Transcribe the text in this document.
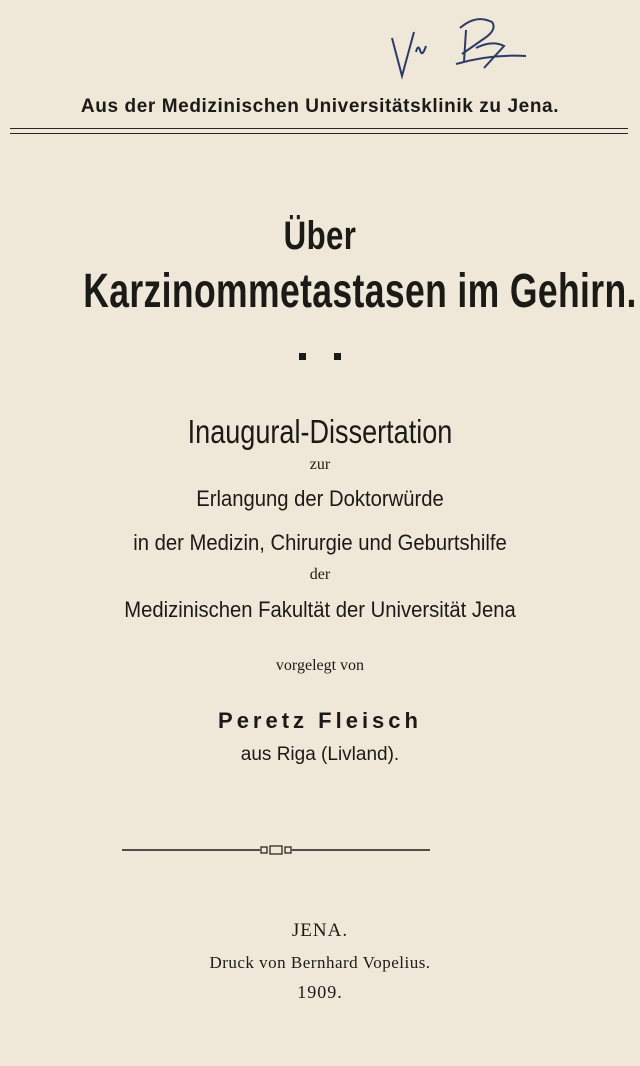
Aus der Medizinischen Universitätsklinik zu Jena.
Über
Karzinommetastasen im Gehirn.

Inaugural-Dissertation
zur
Erlangung der Doktorwürde
in der Medizin, Chirurgie und Geburtshilfe
der
Medizinischen Fakultät der Universität Jena
vorgelegt von
Peretz Fleisch
aus Riga (Livland).
JENA.
Druck von Bernhard Vopelius.
1909.
